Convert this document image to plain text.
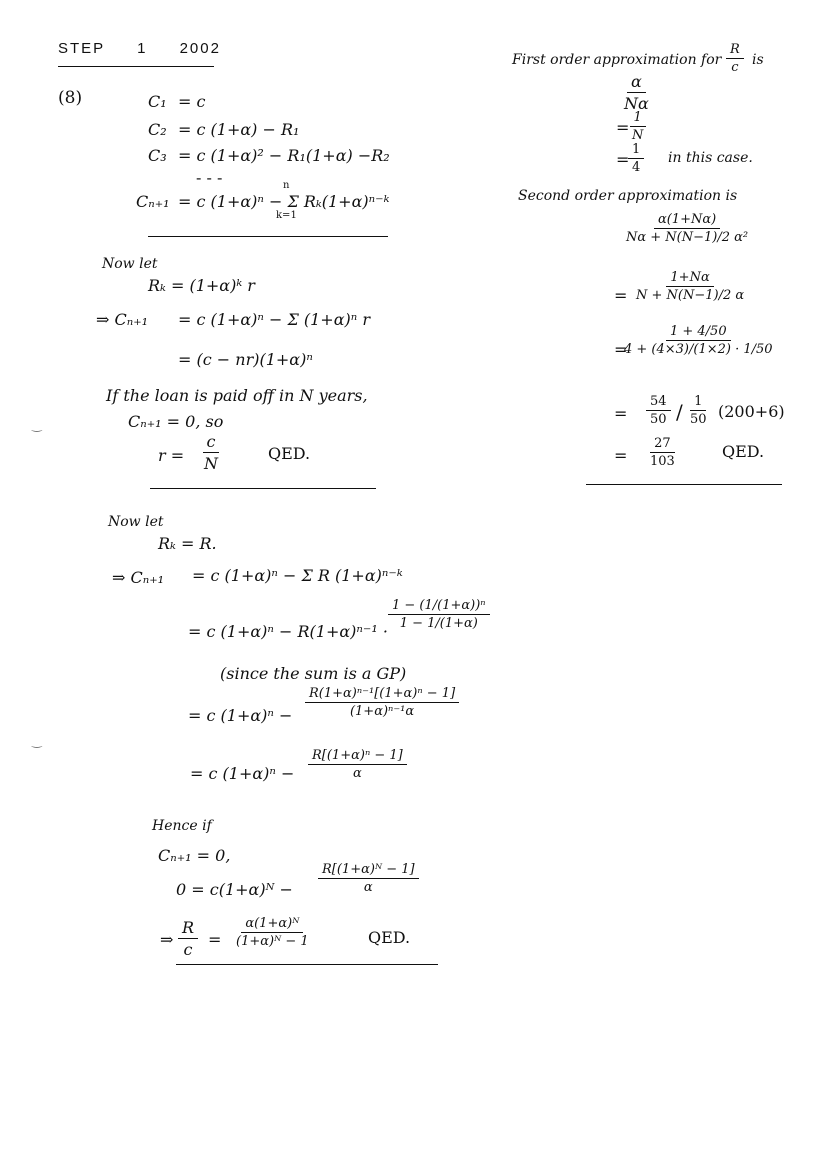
STEP 1 2002
(8)	C₁ = c
C₂ = c (1+α) − R₁
C₃ = c (1+α)² − R₁(1+α) −R₂
- - -
Cₙ₊₁ = c (1+α)ⁿ − Σ Rₖ(1+α)ⁿ⁻ᵏ
n
k=1
Now let
Rₖ = (1+α)ᵏ r
⇒ Cₙ₊₁ = c (1+α)ⁿ − Σ (1+α)ⁿ r
= (c − nr)(1+α)ⁿ
If the loan is paid off in N years,
Cₙ₊₁ = 0, so
$r = \frac{c}{N}$	QED.
Now let
Rₖ = R.
⇒ Cₙ₊₁ = c (1+α)ⁿ − Σ R (1+α)ⁿ⁻ᵏ
= c (1+α)ⁿ − R(1+α)ⁿ⁻¹ ·
$\frac{\text{1 − (1/(1+α))ⁿ}}{1 - 1/(1+\alpha)}$
(since the sum is a GP)
= c $(1+\alpha)^n - \frac{\text{R(1+α)ⁿ⁻¹[(1+α)ⁿ − 1]}}{\text{(1+α)ⁿ⁻¹α}}$
= c $(1+\alpha)^n - \frac{\text{R[(1+α)ⁿ − 1]}}{\alpha}$
Hence if
Cₙ₊₁ = 0,
0 = c(1+α)ᴺ − $\frac{\text{R[(1+α)ᴺ − 1]}}{\alpha}$
⇒ $\frac{R}{c} = \frac{\text{α(1+α)ᴺ}}{\text{(1+α)ᴺ − 1}}$	QED.
First order approximation for $\frac{R}{c}$ is
$\frac{\alpha}{N\alpha}$
=
$\frac{1}{N}$
=
$\frac{1}{4}$ in this case.
Second order approximation is
$\frac{\alpha(1+N\alpha)}{\text{Nα + N(N−1)/2 α²}}$
= $\frac{1+N\alpha}{N + N(N-1)/2 \alpha}$
=
$\frac{1 + 4/50}{4 + (4\times 3)/(1\times 2) \cdot 1/50}$
= $\frac{54}{50} / \frac{1}{50} (200+6)$
= $\frac{27}{103}$	QED.
‿
‿
